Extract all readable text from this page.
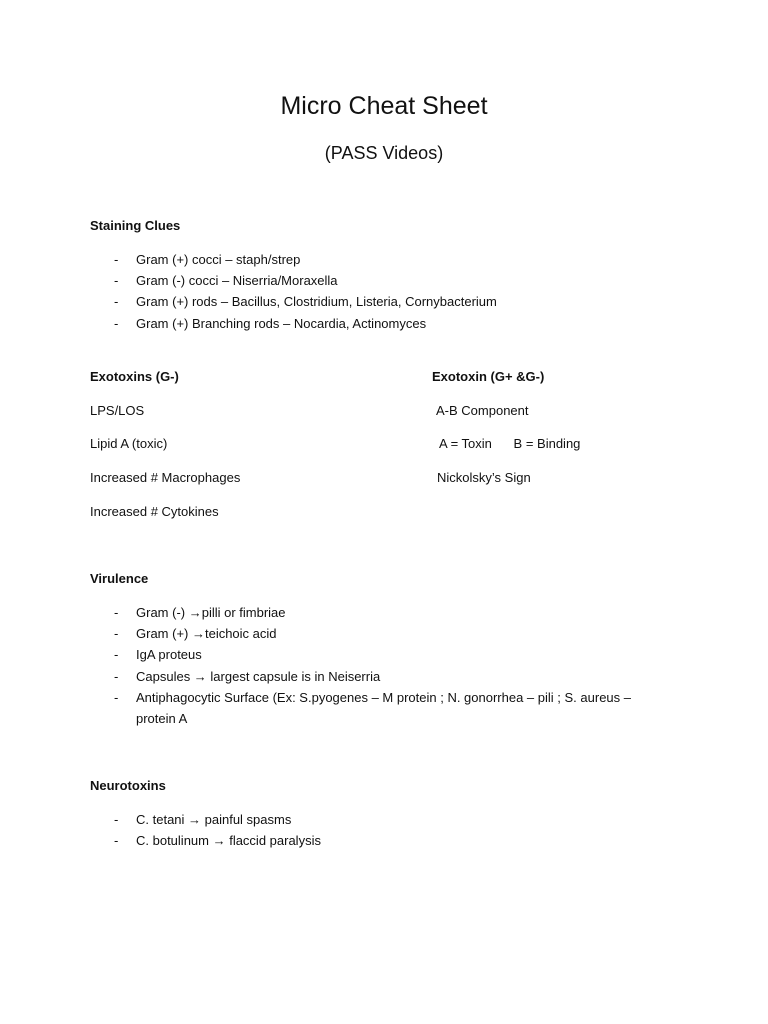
Micro Cheat Sheet
(PASS Videos)
Staining Clues
- Gram (+) cocci – staph/strep
- Gram (-) cocci – Niserria/Moraxella
- Gram (+) rods – Bacillus, Clostridium, Listeria, Cornybacterium
- Gram (+) Branching rods – Nocardia, Actinomyces
Exotoxins (G-)
LPS/LOS
Lipid A (toxic)
Increased # Macrophages
Increased # Cytokines
Exotoxin (G+ &G-)
A-B Component
A = Toxin      B = Binding
Nickolsky’s Sign
Virulence
- Gram (-) →pilli or fimbriae
- Gram (+) →teichoic acid
- IgA proteus
- Capsules → largest capsule is in Neiserria
- Antiphagocytic Surface (Ex: S.pyogenes – M protein ; N. gonorrhea – pili ; S. aureus – protein A
Neurotoxins
- C. tetani → painful spasms
- C. botulinum → flaccid paralysis
